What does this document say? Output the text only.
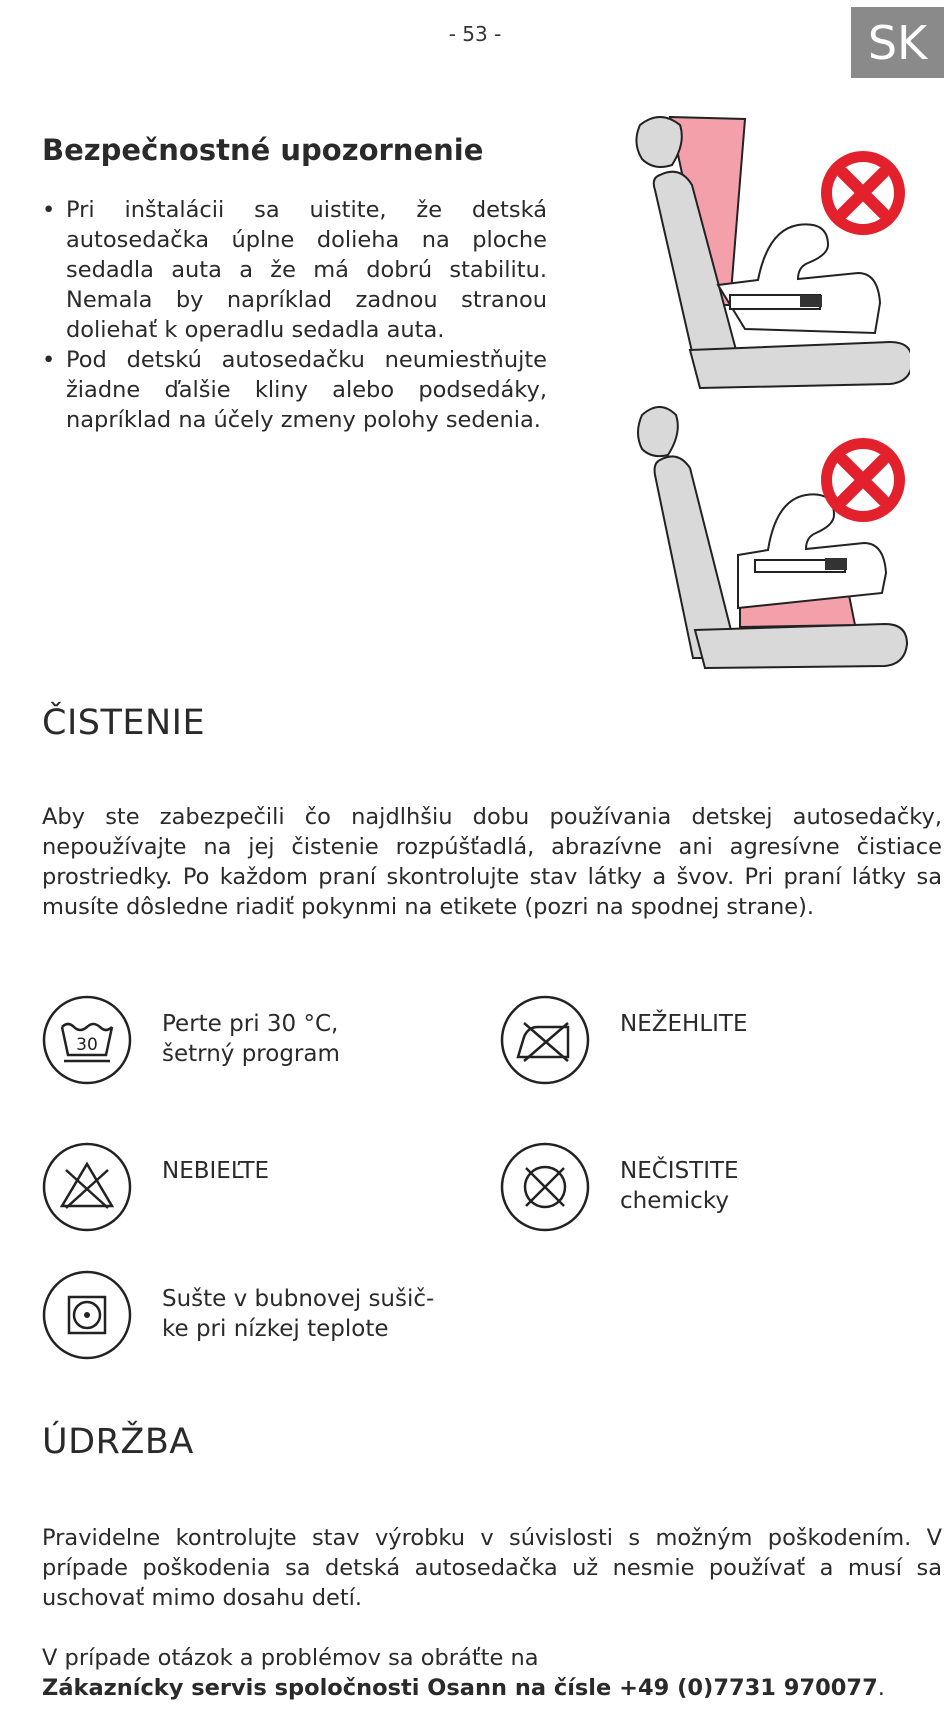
- 53 -	SK
Bezpečnostné upozornenie
• Pri inštalácii sa uistite, že detská autosedačka úplne dolieha na ploche sedadla auta a že má dobrú stabilitu. Nemala by napríklad zadnou stranou doliehať k operadlu sedadla auta.
• Pod detskú autosedačku neumiestňujte žiadne ďalšie kliny alebo podsedáky, napríklad na účely zmeny polohy sedenia.
ČISTENIE
Aby ste zabezpečili čo najdlhšiu dobu používania detskej autosedačky, nepoužívajte na jej čistenie rozpúšťadlá, abrazívne ani agresívne čistiace prostriedky. Po každom praní skontrolujte stav látky a švov. Pri praní látky sa musíte dôsledne riadiť pokynmi na etikete (pozri na spodnej strane).
30
Perte pri 30 °C,
šetrný program
NEŽEHLITE
NEBIEĽTE	NEČISTITE
chemicky
Sušte v bubnovej sušič-
ke pri nízkej teplote
ÚDRŽBA
Pravidelne kontrolujte stav výrobku v súvislosti s možným poškodením. V prípade poškodenia sa detská autosedačka už nesmie používať a musí sa uschovať mimo dosahu detí.
V prípade otázok a problémov sa obráťte na
Zákaznícky servis spoločnosti Osann na čísle +49 (0)7731 970077.
